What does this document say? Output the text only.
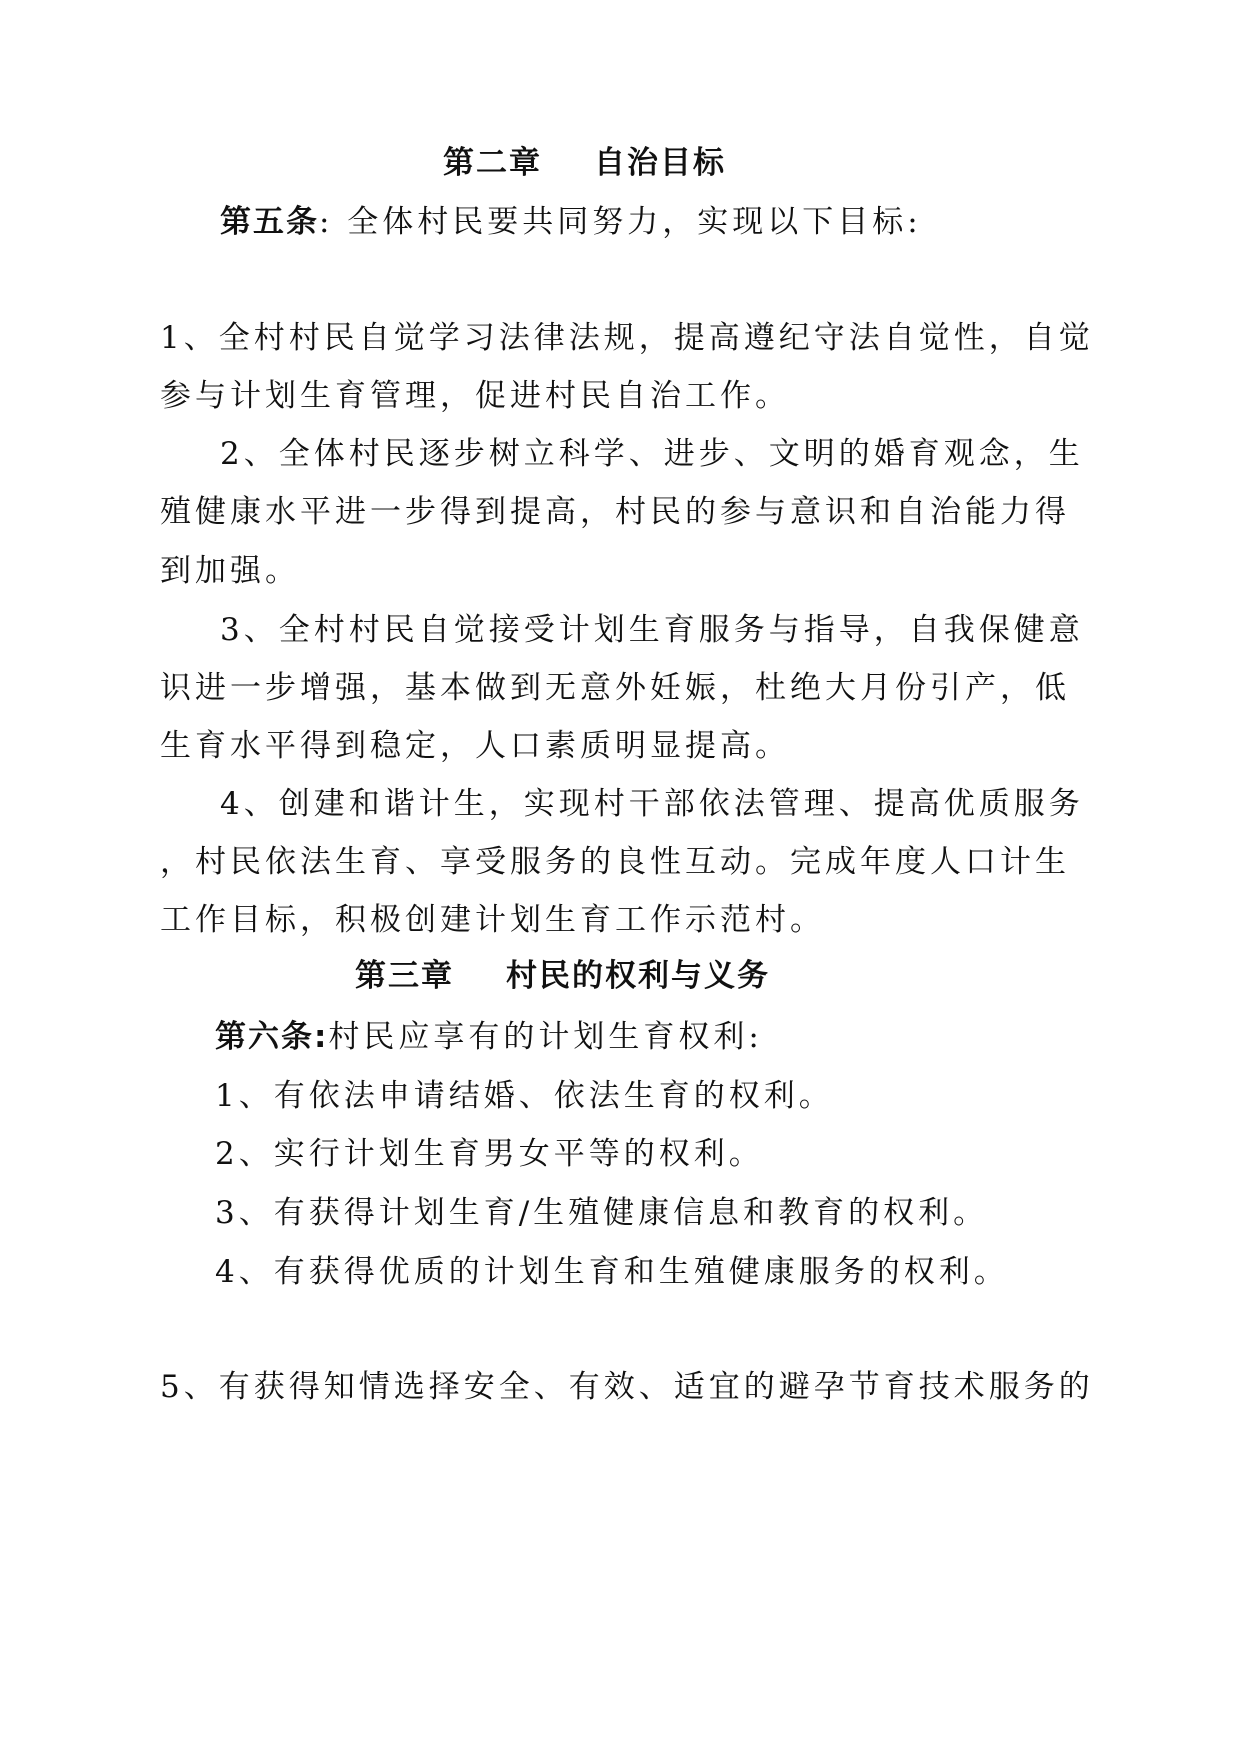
第二章 自治目标
第五条: 全体村民要共同努力，实现以下目标:
1、全村村民自觉学习法律法规，提高遵纪守法自觉性，自觉
参与计划生育管理，促进村民自治工作。
2、全体村民逐步树立科学、进步、文明的婚育观念，生
殖健康水平进一步得到提高，村民的参与意识和自治能力得
到加强。
3、全村村民自觉接受计划生育服务与指导，自我保健意
识进一步增强，基本做到无意外妊娠，杜绝大月份引产，低
生育水平得到稳定，人口素质明显提高。
4、创建和谐计生，实现村干部依法管理、提高优质服务
，村民依法生育、享受服务的良性互动。完成年度人口计生
工作目标，积极创建计划生育工作示范村。
第三章 村民的权利与义务
第六条:村民应享有的计划生育权利:
1、有依法申请结婚、依法生育的权利。
2、实行计划生育男女平等的权利。
3、有获得计划生育/生殖健康信息和教育的权利。
4、有获得优质的计划生育和生殖健康服务的权利。
5、有获得知情选择安全、有效、适宜的避孕节育技术服务的
